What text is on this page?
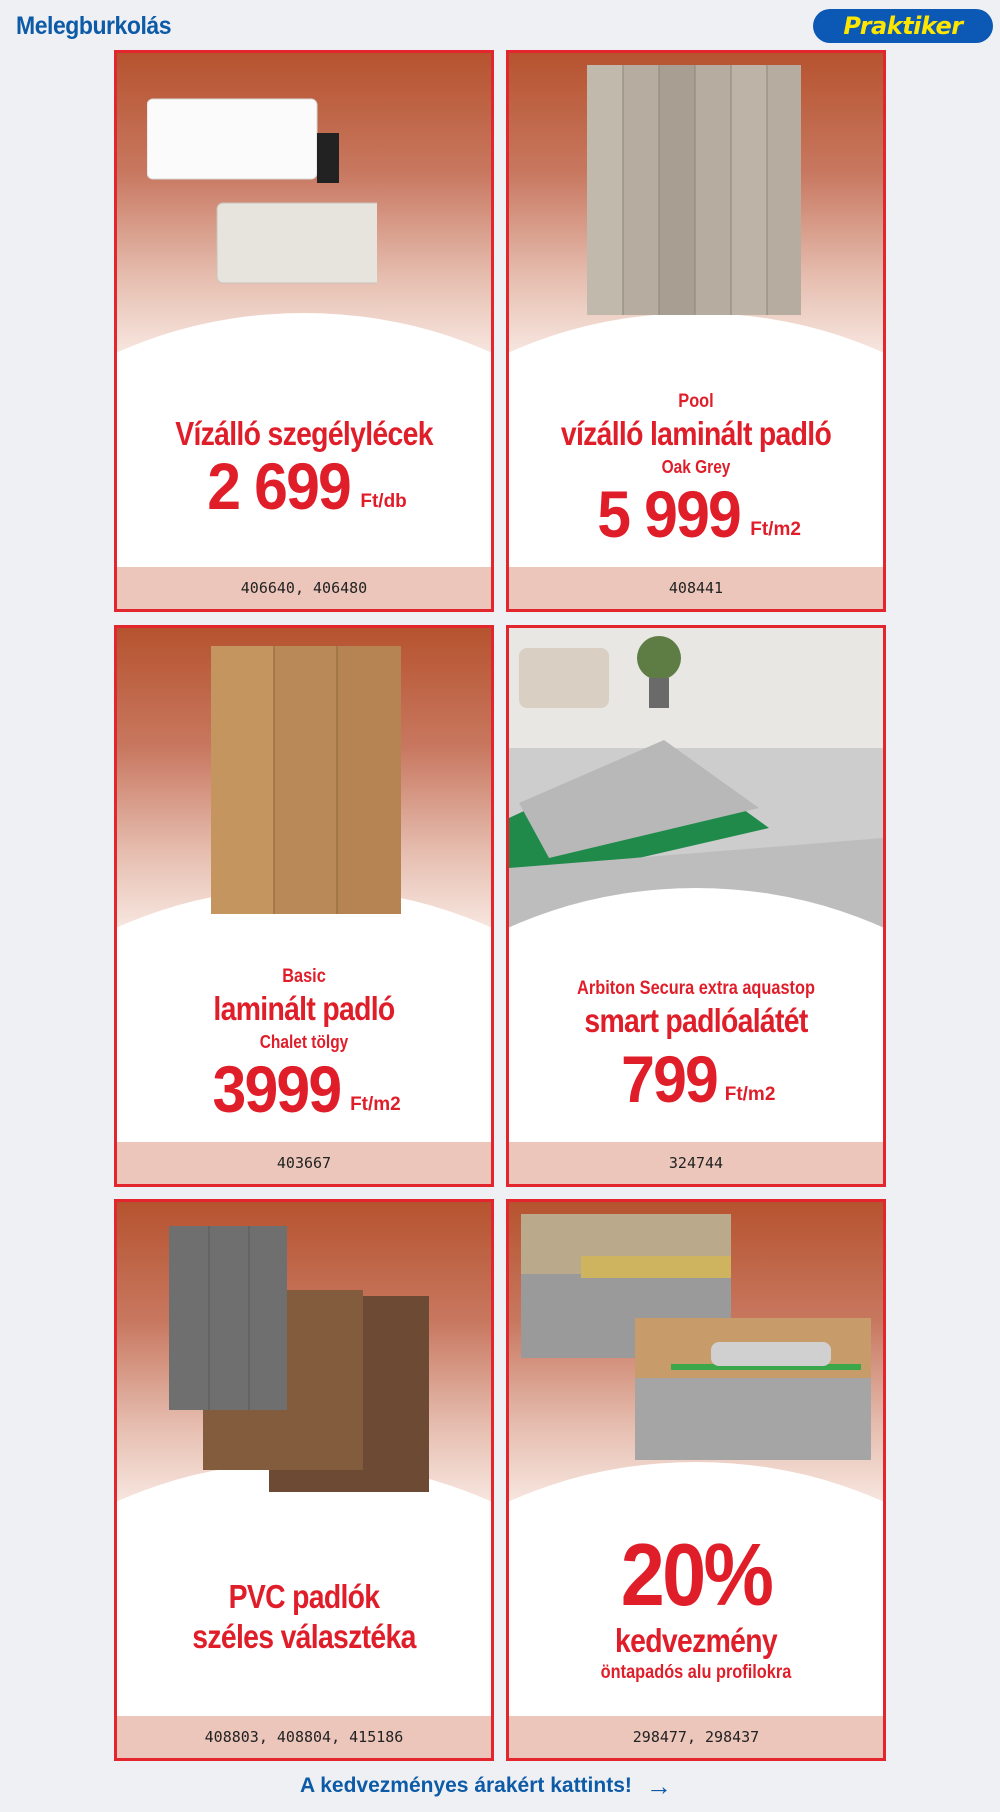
Melegburkolás	Praktiker
Vízálló szegélylécek
2 699 Ft/db
406640, 406480
Pool
vízálló laminált padló
Oak Grey
5 999 Ft/m2
408441
Basic
laminált padló
Chalet tölgy
3999 Ft/m2
403667
Arbiton Secura extra aquastop
smart padlóalátét
799 Ft/m2
324744
PVC padlók
széles választéka
408803, 408804, 415186
20%
kedvezmény
öntapadós alu profilokra
298477, 298437
A kedvezményes árakért kattints! →
